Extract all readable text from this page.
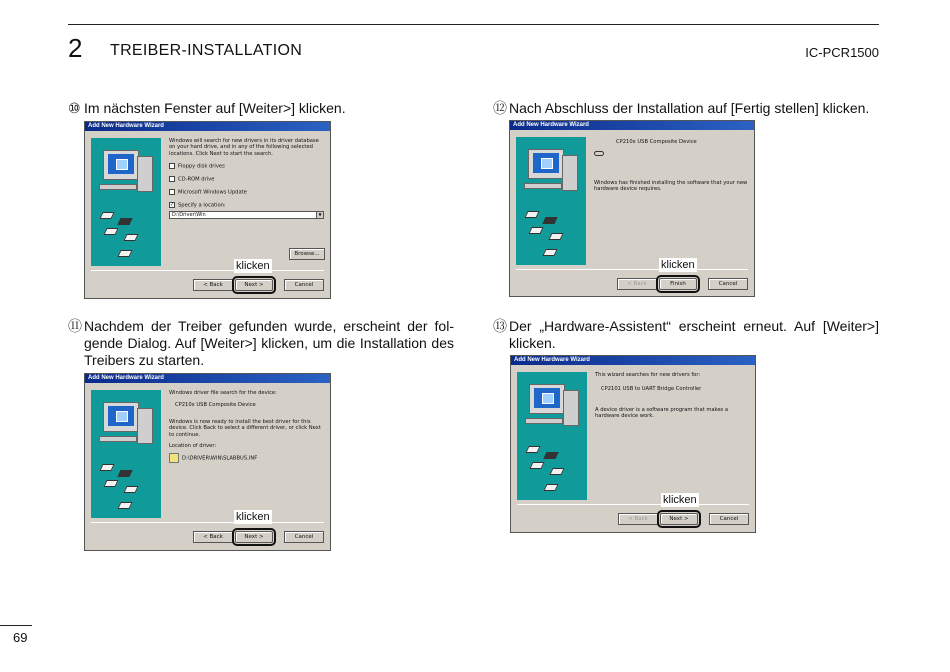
2 TREIBER-INSTALLATION	IC-PCR1500
⑩ Im nächsten Fenster auf [Weiter>] klicken.
Add New Hardware Wizard
Windows will search for new drivers in its driver database on your hard drive, and in any of the following selected locations. Click Next to start the search.
Floppy disk drives
CD-ROM drive
Microsoft Windows Update
✓ Specify a location:
D:\Driver\Win	▼
Browse...
< Back	Next >	Cancel
klicken
⑪ Nachdem der Treiber gefunden wurde, erscheint der fol-
gende Dialog. Auf [Weiter>] klicken, um die Installation des
Treibers zu starten.
Add New Hardware Wizard
Windows driver file search for the device:
CP210x USB Composite Device
Windows is now ready to install the best driver for this device. Click Back to select a different driver, or click Next to continue.
Location of driver:
D:\DRIVER\WIN\SLABBUS.INF
< Back	Next >	Cancel
klicken
⑫ Nach Abschluss der Installation auf [Fertig stellen] klicken.
Add New Hardware Wizard
CP210x USB Composite Device
Windows has finished installing the software that your new hardware device requires.
< Back	Finish	Cancel
klicken
⑬ Der „Hardware-Assistent“ erscheint erneut. Auf [Weiter>]
klicken.
Add New Hardware Wizard
This wizard searches for new drivers for:
CP2101 USB to UART Bridge Controller
A device driver is a software program that makes a hardware device work.
< Back	Next >	Cancel
klicken
69
